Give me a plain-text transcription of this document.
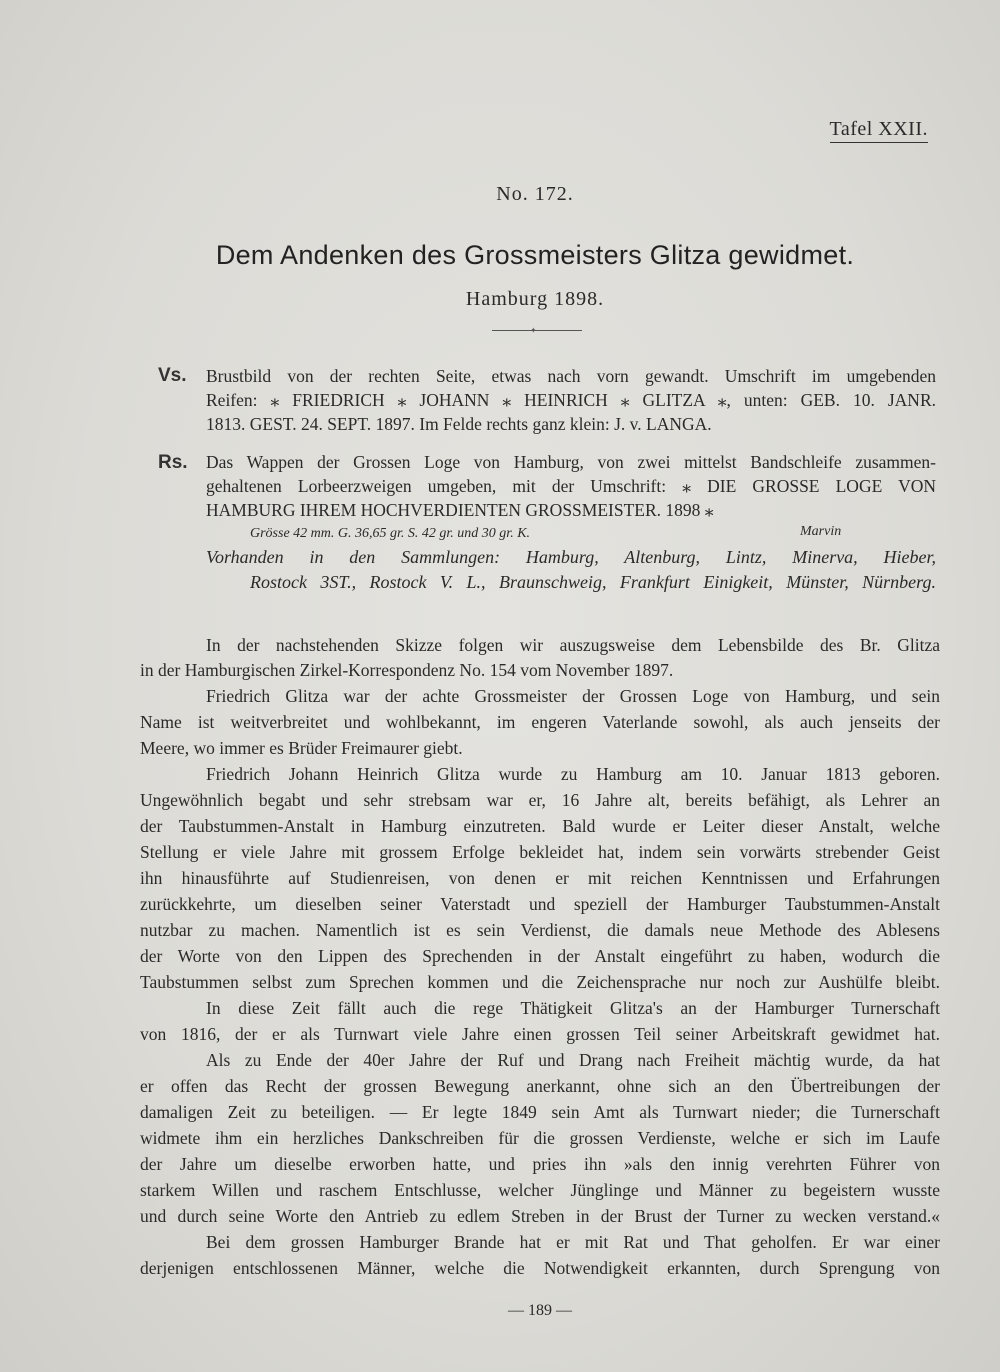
Tafel XXII.
No. 172.
Dem Andenken des Grossmeisters Glitza gewidmet.
Hamburg 1898.
✦
Vs. Brustbild von der rechten Seite, etwas nach vorn gewandt. Umschrift im umgebenden
Reifen: ⁎ FRIEDRICH ⁎ JOHANN ⁎ HEINRICH ⁎ GLITZA ⁎, unten: GEB. 10. JANR.
1813. GEST. 24. SEPT. 1897. Im Felde rechts ganz klein: J. v. LANGA.
Rs. Das Wappen der Grossen Loge von Hamburg, von zwei mittelst Bandschleife zusammen-
gehaltenen Lorbeerzweigen umgeben, mit der Umschrift: ⁎ DIE GROSSE LOGE VON
HAMBURG IHREM HOCHVERDIENTEN GROSSMEISTER. 1898 ⁎
Grösse 42 mm. G. 36,65 gr. S. 42 gr. und 30 gr. K.	Marvin
Vorhanden in den Sammlungen: Hamburg, Altenburg, Lintz, Minerva, Hieber,
Rostock 3ST., Rostock V. L., Braunschweig, Frankfurt Einigkeit, Münster, Nürnberg.
In der nachstehenden Skizze folgen wir auszugsweise dem Lebensbilde des Br. Glitza
in der Hamburgischen Zirkel-Korrespondenz No. 154 vom November 1897.
Friedrich Glitza war der achte Grossmeister der Grossen Loge von Hamburg, und sein
Name ist weitverbreitet und wohlbekannt, im engeren Vaterlande sowohl, als auch jenseits der
Meere, wo immer es Brüder Freimaurer giebt.
Friedrich Johann Heinrich Glitza wurde zu Hamburg am 10. Januar 1813 geboren.
Ungewöhnlich begabt und sehr strebsam war er, 16 Jahre alt, bereits befähigt, als Lehrer an
der Taubstummen-Anstalt in Hamburg einzutreten. Bald wurde er Leiter dieser Anstalt, welche
Stellung er viele Jahre mit grossem Erfolge bekleidet hat, indem sein vorwärts strebender Geist
ihn hinausführte auf Studienreisen, von denen er mit reichen Kenntnissen und Erfahrungen
zurückkehrte, um dieselben seiner Vaterstadt und speziell der Hamburger Taubstummen-Anstalt
nutzbar zu machen. Namentlich ist es sein Verdienst, die damals neue Methode des Ablesens
der Worte von den Lippen des Sprechenden in der Anstalt eingeführt zu haben, wodurch die
Taubstummen selbst zum Sprechen kommen und die Zeichensprache nur noch zur Aushülfe bleibt.
In diese Zeit fällt auch die rege Thätigkeit Glitza's an der Hamburger Turnerschaft
von 1816, der er als Turnwart viele Jahre einen grossen Teil seiner Arbeitskraft gewidmet hat.
Als zu Ende der 40er Jahre der Ruf und Drang nach Freiheit mächtig wurde, da hat
er offen das Recht der grossen Bewegung anerkannt, ohne sich an den Übertreibungen der
damaligen Zeit zu beteiligen. — Er legte 1849 sein Amt als Turnwart nieder; die Turnerschaft
widmete ihm ein herzliches Dankschreiben für die grossen Verdienste, welche er sich im Laufe
der Jahre um dieselbe erworben hatte, und pries ihn »als den innig verehrten Führer von
starkem Willen und raschem Entschlusse, welcher Jünglinge und Männer zu begeistern wusste
und durch seine Worte den Antrieb zu edlem Streben in der Brust der Turner zu wecken verstand.«
Bei dem grossen Hamburger Brande hat er mit Rat und That geholfen. Er war einer
derjenigen entschlossenen Männer, welche die Notwendigkeit erkannten, durch Sprengung von
— 189 —
